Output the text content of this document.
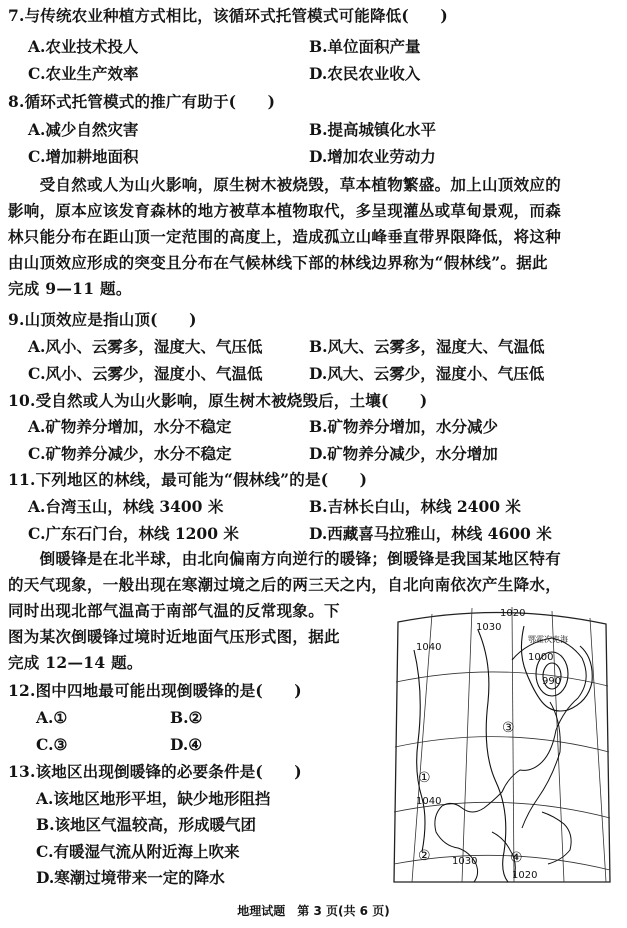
7.与传统农业种植方式相比，该循环式托管模式可能降低(　　)
A.农业技术投人	B.单位面积产量
C.农业生产效率	D.农民农业收入
8.循环式托管模式的推广有助于(　　)
A.减少自然灾害	B.提高城镇化水平
C.增加耕地面积	D.增加农业劳动力
　　受自然或人为山火影响，原生树木被烧毁，草本植物繁盛。加上山顶效应的
影响，原本应该发育森林的地方被草本植物取代，多呈现灌丛或草甸景观，而森
林只能分布在距山顶一定范围的高度上，造成孤立山峰垂直带界限降低，将这种
由山顶效应形成的突变且分布在气候林线下部的林线边界称为“假林线”。据此
完成 9—11 题。
9.山顶效应是指山顶(　　)
A.风小、云雾多，湿度大、气压低	B.风大、云雾多，湿度大、气温低
C.风小、云雾少，湿度小、气温低	D.风大、云雾少，湿度小、气压低
10.受自然或人为山火影响，原生树木被烧毁后，土壤(　　)
A.矿物养分增加，水分不稳定	B.矿物养分增加，水分减少
C.矿物养分减少，水分不稳定	D.矿物养分减少，水分增加
11.下列地区的林线，最可能为“假林线”的是(　　)
A.台湾玉山，林线 3400 米	B.吉林长白山，林线 2400 米
C.广东石门台，林线 1200 米	D.西藏喜马拉雅山，林线 4600 米
　　倒暖锋是在北半球，由北向偏南方向逆行的暖锋；倒暖锋是我国某地区特有
的天气现象，一般出现在寒潮过境之后的两三天之内，自北向南依次产生降水，
同时出现北部气温高于南部气温的反常现象。下
图为某次倒暖锋过境时近地面气压形式图，据此
完成 12—14 题。
12.图中四地最可能出现倒暖锋的是(　　)
A.①	B.②
C.③	D.④
13.该地区出现倒暖锋的必要条件是(　　)
A.该地区地形平坦，缺少地形阻挡
B.该地区气温较高，形成暖气团
C.有暖湿气流从附近海上吹来
D.寒潮过境带来一定的降水
1040
1030
1020
1000
990
1040
1030
1020
鄂霍次克海
①
②
③
④
地理试题　第 3 页(共 6 页)
